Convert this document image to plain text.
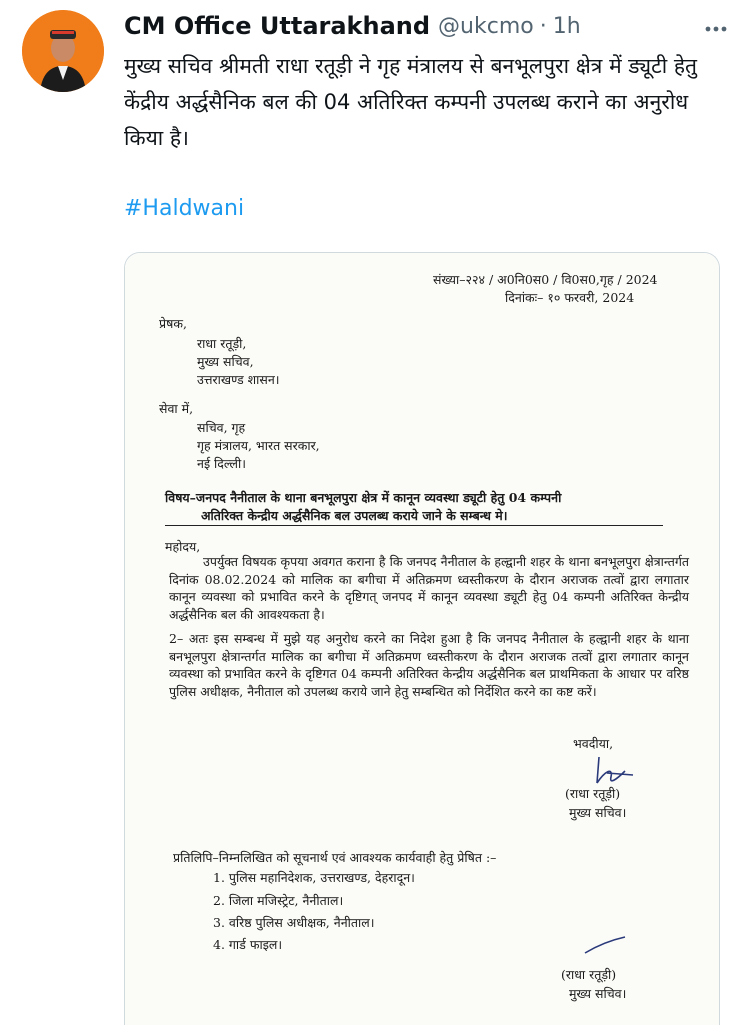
CM Office Uttarakhand @ukcmo · 1h
मुख्य सचिव श्रीमती राधा रतूड़ी ने गृह मंत्रालय से बनभूलपुरा क्षेत्र में ड्यूटी हेतु केंद्रीय अर्द्धसैनिक बल की 04 अतिरिक्त कम्पनी उपलब्ध कराने का अनुरोध किया है।
#Haldwani
संख्या–२२४ / अ0नि0स0 / वि0स0,गृह / 2024
दिनांकः– १० फरवरी, 2024
प्रेषक,
राधा रतूड़ी,
मुख्य सचिव,
उत्तराखण्ड शासन।
सेवा में,
सचिव, गृह
गृह मंत्रालय, भारत सरकार,
नई दिल्ली।
विषय–जनपद नैनीताल के थाना बनभूलपुरा क्षेत्र में कानून व्यवस्था ड्यूटी हेतु 04 कम्पनी
अतिरिक्त केन्द्रीय अर्द्धसैनिक बल उपलब्ध कराये जाने के सम्बन्ध मे।
महोदय,
उपर्युक्त विषयक कृपया अवगत कराना है कि जनपद नैनीताल के हल्द्वानी शहर के थाना बनभूलपुरा क्षेत्रान्तर्गत दिनांक 08.02.2024 को मालिक का बगीचा में अतिक्रमण ध्वस्तीकरण के दौरान अराजक तत्वों द्वारा लगातार कानून व्यवस्था को प्रभावित करने के दृष्टिगत् जनपद में कानून व्यवस्था ड्यूटी हेतु 04 कम्पनी अतिरिक्त केन्द्रीय अर्द्धसैनिक बल की आवश्यकता है।
2– अतः इस सम्बन्ध में मुझे यह अनुरोध करने का निदेश हुआ है कि जनपद नैनीताल के हल्द्वानी शहर के थाना बनभूलपुरा क्षेत्रान्तर्गत मालिक का बगीचा में अतिक्रमण ध्वस्तीकरण के दौरान अराजक तत्वों द्वारा लगातार कानून व्यवस्था को प्रभावित करने के दृष्टिगत 04 कम्पनी अतिरिक्त केन्द्रीय अर्द्धसैनिक बल प्राथमिकता के आधार पर वरिष्ठ पुलिस अधीक्षक, नैनीताल को उपलब्ध कराये जाने हेतु सम्बन्धित को निर्देशित करने का कष्ट करें।
भवदीया,
(राधा रतूड़ी)
मुख्य सचिव।
प्रतिलिपि–निम्नलिखित को सूचनार्थ एवं आवश्यक कार्यवाही हेतु प्रेषित :–
1. पुलिस महानिदेशक, उत्तराखण्ड, देहरादून।
2. जिला मजिस्ट्रेट, नैनीताल।
3. वरिष्ठ पुलिस अधीक्षक, नैनीताल।
4. गार्ड फाइल।
(राधा रतूड़ी)
मुख्य सचिव।
